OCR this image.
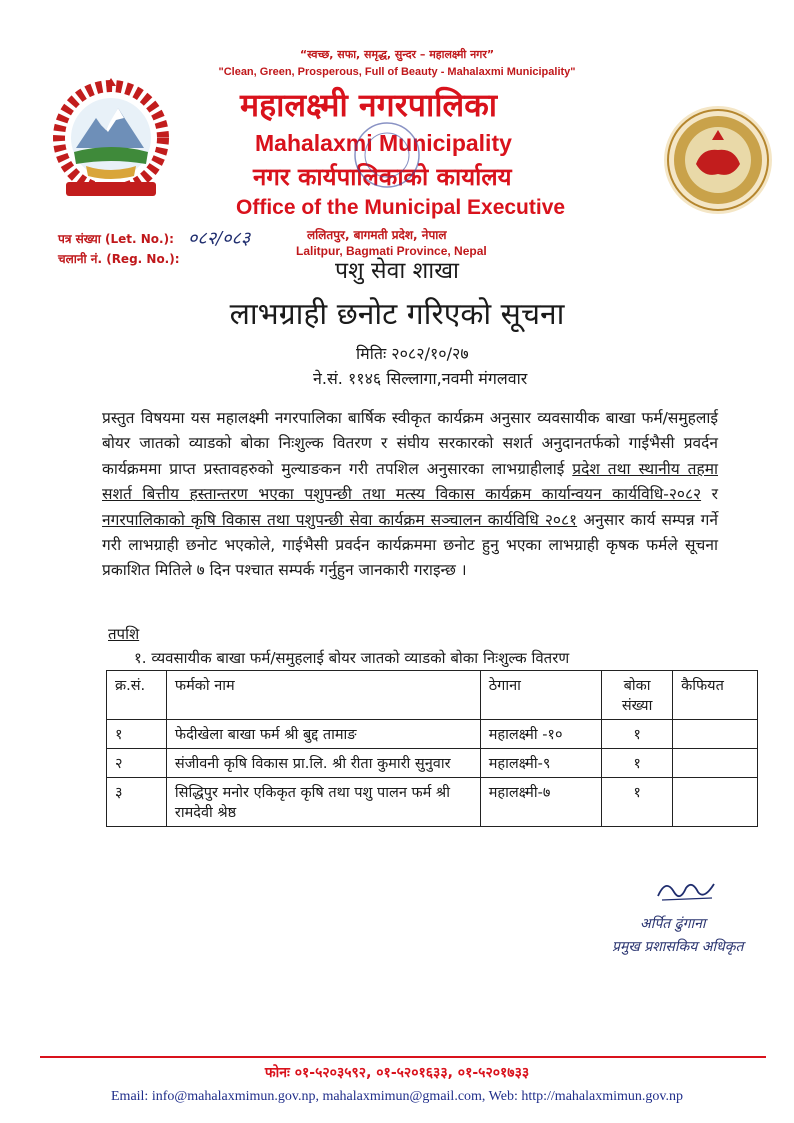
“स्वच्छ, सफा, समृद्ध, सुन्दर – महालक्ष्मी नगर”
"Clean, Green, Prosperous, Full of Beauty - Mahalaxmi Municipality"
महालक्ष्मी नगरपालिका
Mahalaxmi Municipality
नगर कार्यपालिकाको कार्यालय
Office of the Municipal Executive
ललितपुर, बागमती प्रदेश, नेपाल
Lalitpur, Bagmati Province, Nepal
पत्र संख्या (Let. No.):
चलानी नं. (Reg. No.):
०८२/०८३
पशु सेवा शाखा
लाभग्राही छनोट गरिएको सूचना
मितिः २०८२/१०/२७
ने.सं. ११४६ सिल्लागा,नवमी मंगलवार
प्रस्तुत विषयमा यस महालक्ष्मी नगरपालिका बार्षिक स्वीकृत कार्यक्रम अनुसार व्यवसायीक बाखा फर्म/समुहलाई बोयर जातको व्याडको बोका निःशुल्क वितरण र संघीय सरकारको सशर्त अनुदानतर्फको गाईभैसी प्रवर्दन कार्यक्रममा प्राप्त प्रस्तावहरुको मुल्याङकन गरी तपशिल अनुसारका लाभग्राहीलाई प्रदेश तथा स्थानीय तहमा सशर्त बित्तीय हस्तान्तरण भएका पशुपन्छी तथा मत्स्य विकास कार्यक्रम कार्यान्वयन कार्यविधि-२०८२ र नगरपालिकाको कृषि विकास तथा पशुपन्छी सेवा कार्यक्रम सञ्चालन कार्यविधि २०८१ अनुसार कार्य सम्पन्न गर्ने गरी लाभग्राही छनोट भएकोले, गाईभैसी प्रवर्दन कार्यक्रममा छनोट हुनु भएका लाभग्राही कृषक फर्मले सूचना प्रकाशित मितिले ७ दिन पश्चात सम्पर्क गर्नुहुन जानकारी गराइन्छ ।
तपशि
१. व्यवसायीक बाखा फर्म/समुहलाई बोयर जातको व्याडको बोका निःशुल्क वितरण
क्र.सं.	फर्मको नाम	ठेगाना	बोका संख्या	कैफियत
१	फेदीखेला बाखा फर्म श्री बुद्द तामाङ	महालक्ष्मी -१०	१	
२	संजीवनी कृषि विकास प्रा.लि. श्री रीता कुमारी सुनुवार	महालक्ष्मी-९	१	
३	सिद्धिपुर मनोर एकिकृत कृषि तथा पशु पालन फर्म श्री रामदेवी श्रेष्ठ	महालक्ष्मी-७	१	
अर्पित ढुंगाना
प्रमुख प्रशासकिय अधिकृत
फोनः ०१-५२०३५९२, ०१-५२०१६३३, ०१-५२०१७३३
Email: info@mahalaxmimun.gov.np, mahalaxmimun@gmail.com, Web: http://mahalaxmimun.gov.np
